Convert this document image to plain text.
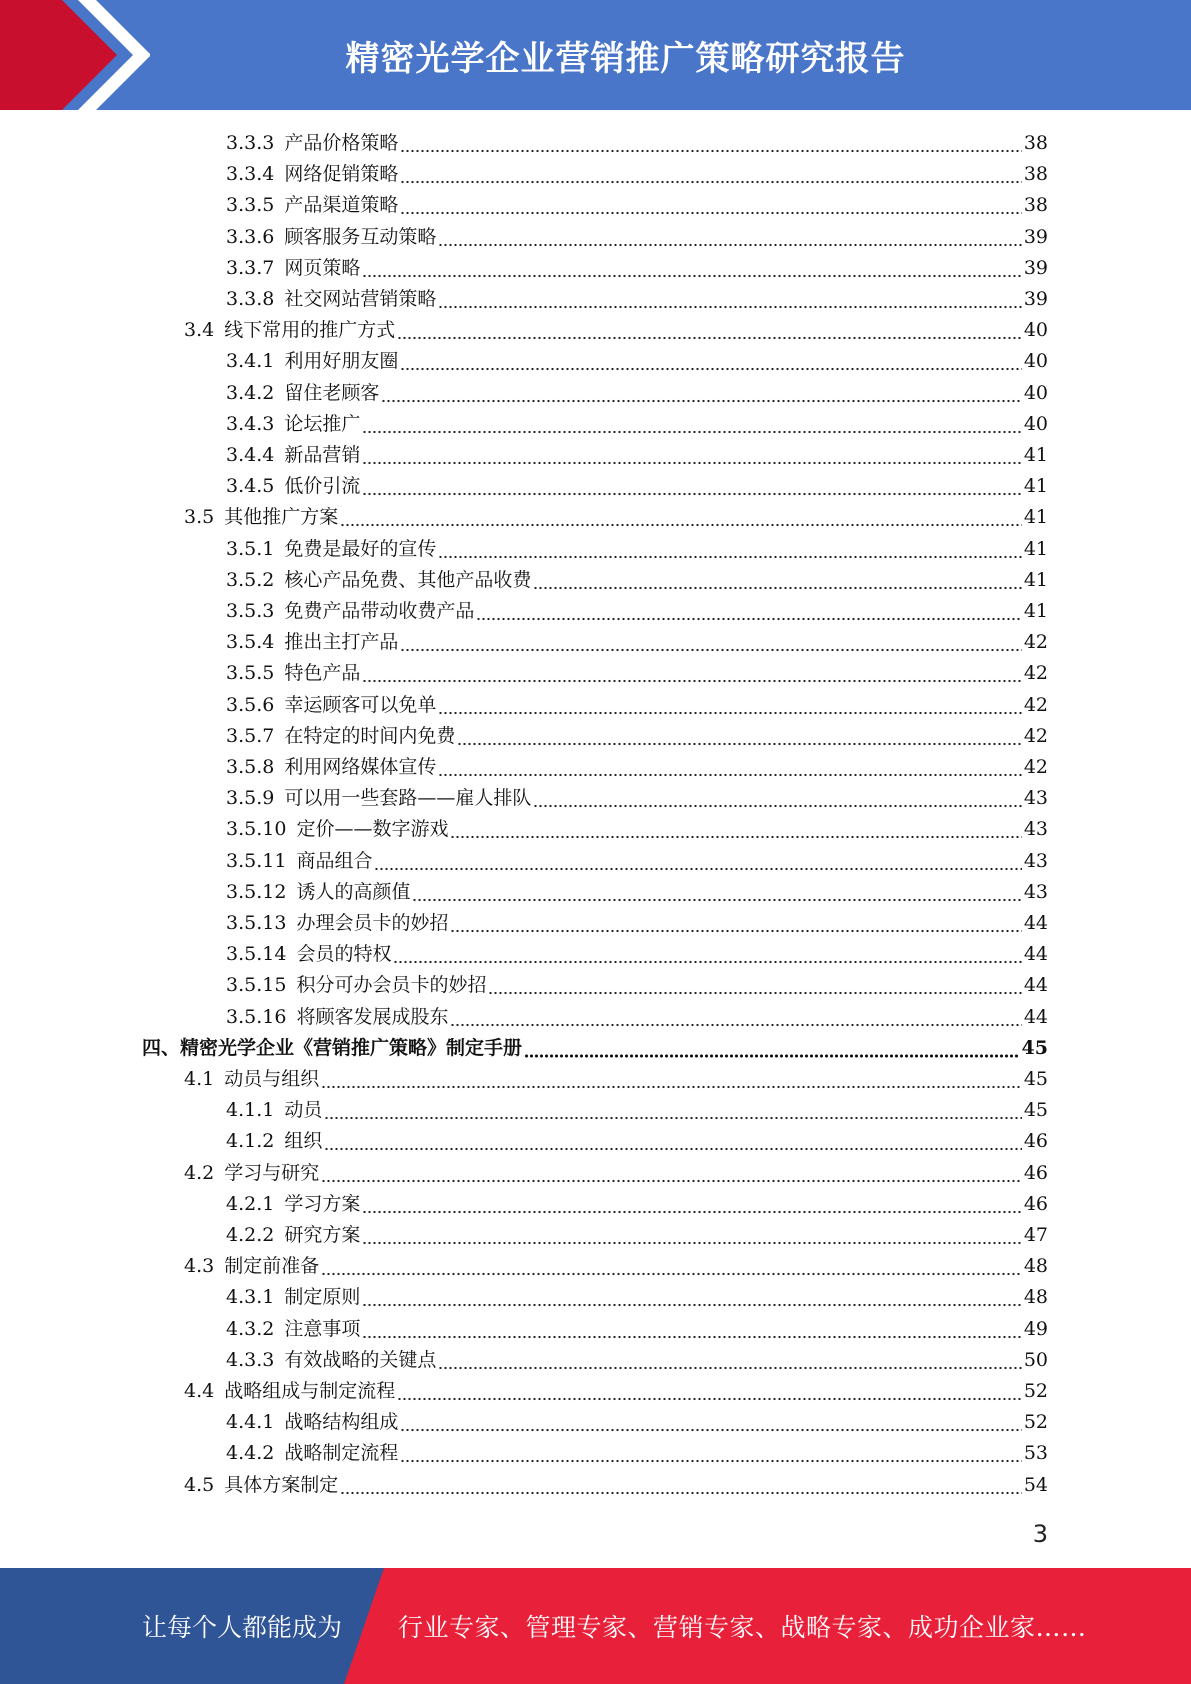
精密光学企业营销推广策略研究报告
3.3.3 产品价格策略	38
3.3.4 网络促销策略	38
3.3.5 产品渠道策略	38
3.3.6 顾客服务互动策略	39
3.3.7 网页策略	39
3.3.8 社交网站营销策略	39
3.4 线下常用的推广方式	40
3.4.1 利用好朋友圈	40
3.4.2 留住老顾客	40
3.4.3 论坛推广	40
3.4.4 新品营销	41
3.4.5 低价引流	41
3.5 其他推广方案	41
3.5.1 免费是最好的宣传	41
3.5.2 核心产品免费、其他产品收费	41
3.5.3 免费产品带动收费产品	41
3.5.4 推出主打产品	42
3.5.5 特色产品	42
3.5.6 幸运顾客可以免单	42
3.5.7 在特定的时间内免费	42
3.5.8 利用网络媒体宣传	42
3.5.9 可以用一些套路——雇人排队	43
3.5.10 定价——数字游戏	43
3.5.11 商品组合	43
3.5.12 诱人的高颜值	43
3.5.13 办理会员卡的妙招	44
3.5.14 会员的特权	44
3.5.15 积分可办会员卡的妙招	44
3.5.16 将顾客发展成股东	44
四、精密光学企业《营销推广策略》制定手册	45
4.1 动员与组织	45
4.1.1 动员	45
4.1.2 组织	46
4.2 学习与研究	46
4.2.1 学习方案	46
4.2.2 研究方案	47
4.3 制定前准备	48
4.3.1 制定原则	48
4.3.2 注意事项	49
4.3.3 有效战略的关键点	50
4.4 战略组成与制定流程	52
4.4.1 战略结构组成	52
4.4.2 战略制定流程	53
4.5 具体方案制定	54
3
让每个人都能成为 行业专家、管理专家、营销专家、战略专家、成功企业家……
